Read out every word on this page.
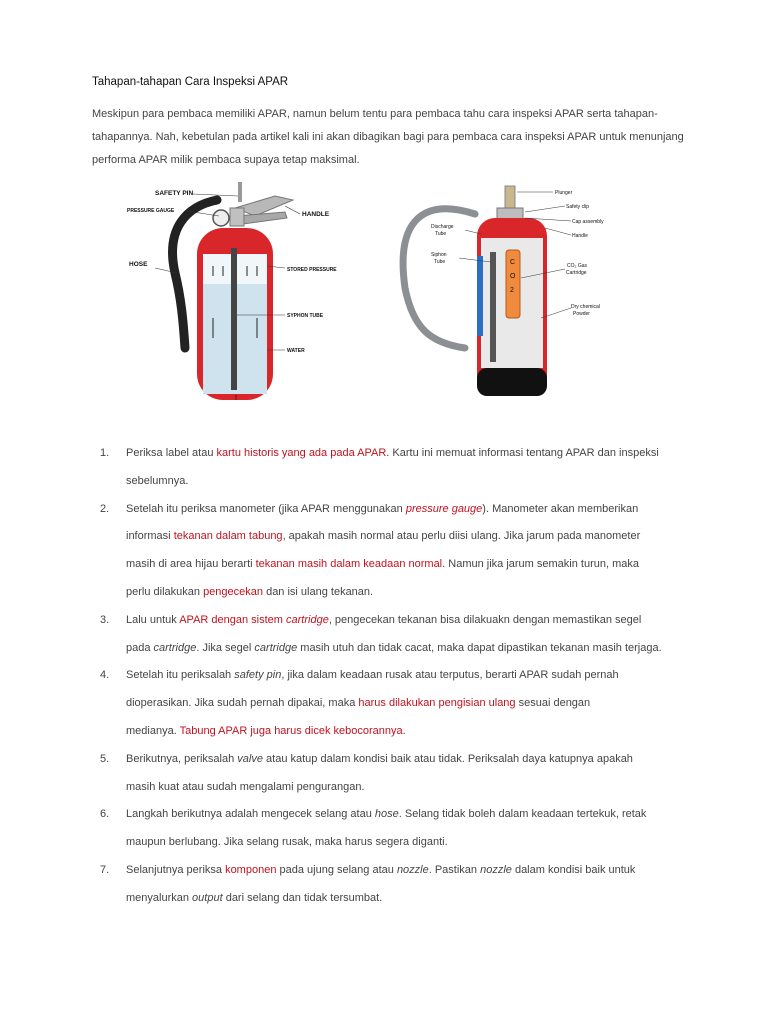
Tahapan-tahapan Cara Inspeksi APAR
Meskipun para pembaca memiliki APAR, namun belum tentu para pembaca tahu cara inspeksi APAR serta tahapan-tahapannya. Nah, kebetulan pada artikel kali ini akan dibagikan bagi para pembaca cara inspeksi APAR untuk menunjang performa APAR milik pembaca supaya tetap maksimal.
I
SAFETY PIN
PRESSURE GAUGE	HANDLE
HOSE
STORED PRESSURE
SYPHON TUBE
WATER
C
O
2
Plunger
Safety clip
Cap assembly
Handle
Discharge
Tube
Siphon
Tube
CO₂ Gas
Cartridge
Dry chemical
Powder
1. Periksa label atau kartu historis yang ada pada APAR. Kartu ini memuat informasi tentang APAR dan inspeksi
sebelumnya.
2. Setelah itu periksa manometer (jika APAR menggunakan pressure gauge). Manometer akan memberikan
informasi tekanan dalam tabung, apakah masih normal atau perlu diisi ulang. Jika jarum pada manometer
masih di area hijau berarti tekanan masih dalam keadaan normal. Namun jika jarum semakin turun, maka
perlu dilakukan pengecekan dan isi ulang tekanan.
3. Lalu untuk APAR dengan sistem cartridge, pengecekan tekanan bisa dilakuakn dengan memastikan segel
pada cartridge. Jika segel cartridge masih utuh dan tidak cacat, maka dapat dipastikan tekanan masih terjaga.
4. Setelah itu periksalah safety pin, jika dalam keadaan rusak atau terputus, berarti APAR sudah pernah
dioperasikan. Jika sudah pernah dipakai, maka harus dilakukan pengisian ulang sesuai dengan
medianya. Tabung APAR juga harus dicek kebocorannya.
5. Berikutnya, periksalah valve atau katup dalam kondisi baik atau tidak. Periksalah daya katupnya apakah
masih kuat atau sudah mengalami pengurangan.
6. Langkah berikutnya adalah mengecek selang atau hose. Selang tidak boleh dalam keadaan tertekuk, retak
maupun berlubang. Jika selang rusak, maka harus segera diganti.
7. Selanjutnya periksa komponen pada ujung selang atau nozzle. Pastikan nozzle dalam kondisi baik untuk
menyalurkan output dari selang dan tidak tersumbat.
